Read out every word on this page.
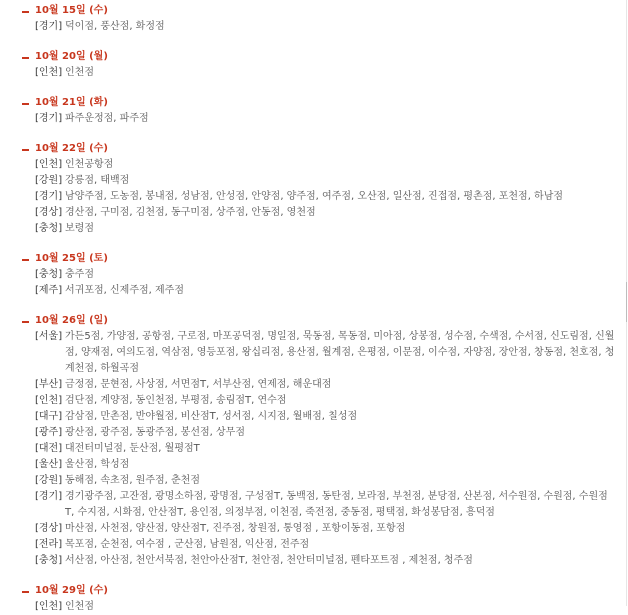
10월 15일 (수)
[경기] 덕이점, 풍산점, 화정점
10월 20일 (월)
[인천] 인천점
10월 21일 (화)
[경기] 파주운정점, 파주점
10월 22일 (수)
[인천] 인천공항점
[강원] 강릉점, 태백점
[경기] 남양주점, 도농점, 봉내점, 성남점, 안성점, 안양점, 양주점, 여주점, 오산점, 일산점, 진접점, 평촌점, 포천점, 하남점
[경상] 경산점, 구미점, 김천점, 동구미점, 상주점, 안동점, 영천점
[충청] 보령점
10월 25일 (토)
[충청] 충주점
[제주] 서귀포점, 신제주점, 제주점
10월 26일 (일)
[서울] 가든5점, 가양점, 공항점, 구로점, 마포공덕점, 명일점, 묵동점, 목동점, 미아점, 상봉점, 성수점, 수색점, 수서점, 신도림점, 신월점, 양재점, 여의도점, 역삼점, 영등포점, 왕십리점, 용산점, 월계점, 은평점, 이문점, 이수점, 자양점, 장안점, 창동점, 천호점, 청계천점, 하월곡점
[부산] 금정점, 문현점, 사상점, 서면점T, 서부산점, 연제점, 해운대점
[인천] 검단점, 계양점, 동인천점, 부평점, 송림점T, 연수점
[대구] 감삼점, 만촌점, 반야월점, 비산점T, 성서점, 시지점, 월배점, 칠성점
[광주] 광산점, 광주점, 동광주점, 봉선점, 상무점
[대전] 대전터미널점, 둔산점, 월평점T
[울산] 울산점, 학성점
[강원] 동해점, 속초점, 원주점, 춘천점
[경기] 경기광주점, 고잔점, 광명소하점, 광명점, 구성점T, 동백점, 동탄점, 보라점, 부천점, 분당점, 산본점, 서수원점, 수원점, 수원점T, 수지점, 시화점, 안산점T, 용인점, 의정부점, 이천점, 죽전점, 중동점, 평택점, 화성봉담점, 흥덕점
[경상] 마산점, 사천점, 양산점, 양산점T, 진주점, 창원점, 통영점 , 포항이동점, 포항점
[전라] 목포점, 순천점, 여수점 , 군산점, 남원점, 익산점, 전주점
[충청] 서산점, 아산점, 천안서북점, 천안아산점T, 천안점, 천안터미널점, 펜타포트점 , 제천점, 청주점
10월 29일 (수)
[인천] 인천점
